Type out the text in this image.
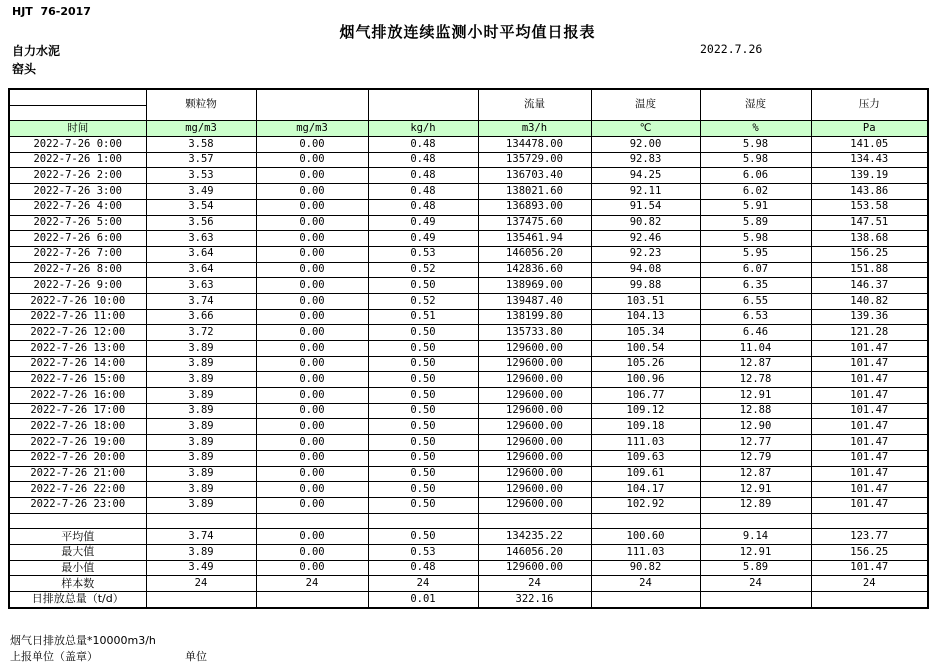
HJT  76-2017
烟气排放连续监测小时平均值日报表
自力水泥	2022.7.26
窑头
	颗粒物			流量	温度	湿度	压力

时间	mg/m3	mg/m3	kg/h	m3/h	℃	%	Pa
2022-7-26 0:00	3.58	0.00	0.48	134478.00	92.00	5.98	141.05
2022-7-26 1:00	3.57	0.00	0.48	135729.00	92.83	5.98	134.43
2022-7-26 2:00	3.53	0.00	0.48	136703.40	94.25	6.06	139.19
2022-7-26 3:00	3.49	0.00	0.48	138021.60	92.11	6.02	143.86
2022-7-26 4:00	3.54	0.00	0.48	136893.00	91.54	5.91	153.58
2022-7-26 5:00	3.56	0.00	0.49	137475.60	90.82	5.89	147.51
2022-7-26 6:00	3.63	0.00	0.49	135461.94	92.46	5.98	138.68
2022-7-26 7:00	3.64	0.00	0.53	146056.20	92.23	5.95	156.25
2022-7-26 8:00	3.64	0.00	0.52	142836.60	94.08	6.07	151.88
2022-7-26 9:00	3.63	0.00	0.50	138969.00	99.88	6.35	146.37
2022-7-26 10:00	3.74	0.00	0.52	139487.40	103.51	6.55	140.82
2022-7-26 11:00	3.66	0.00	0.51	138199.80	104.13	6.53	139.36
2022-7-26 12:00	3.72	0.00	0.50	135733.80	105.34	6.46	121.28
2022-7-26 13:00	3.89	0.00	0.50	129600.00	100.54	11.04	101.47
2022-7-26 14:00	3.89	0.00	0.50	129600.00	105.26	12.87	101.47
2022-7-26 15:00	3.89	0.00	0.50	129600.00	100.96	12.78	101.47
2022-7-26 16:00	3.89	0.00	0.50	129600.00	106.77	12.91	101.47
2022-7-26 17:00	3.89	0.00	0.50	129600.00	109.12	12.88	101.47
2022-7-26 18:00	3.89	0.00	0.50	129600.00	109.18	12.90	101.47
2022-7-26 19:00	3.89	0.00	0.50	129600.00	111.03	12.77	101.47
2022-7-26 20:00	3.89	0.00	0.50	129600.00	109.63	12.79	101.47
2022-7-26 21:00	3.89	0.00	0.50	129600.00	109.61	12.87	101.47
2022-7-26 22:00	3.89	0.00	0.50	129600.00	104.17	12.91	101.47
2022-7-26 23:00	3.89	0.00	0.50	129600.00	102.92	12.89	101.47

平均值	3.74	0.00	0.50	134235.22	100.60	9.14	123.77
最大值	3.89	0.00	0.53	146056.20	111.03	12.91	156.25
最小值	3.49	0.00	0.48	129600.00	90.82	5.89	101.47
样本数	24	24	24	24	24	24	24
日排放总量（t/d）			0.01	322.16			
烟气日排放总量*10000m3/h
上报单位（盖章）	单位
